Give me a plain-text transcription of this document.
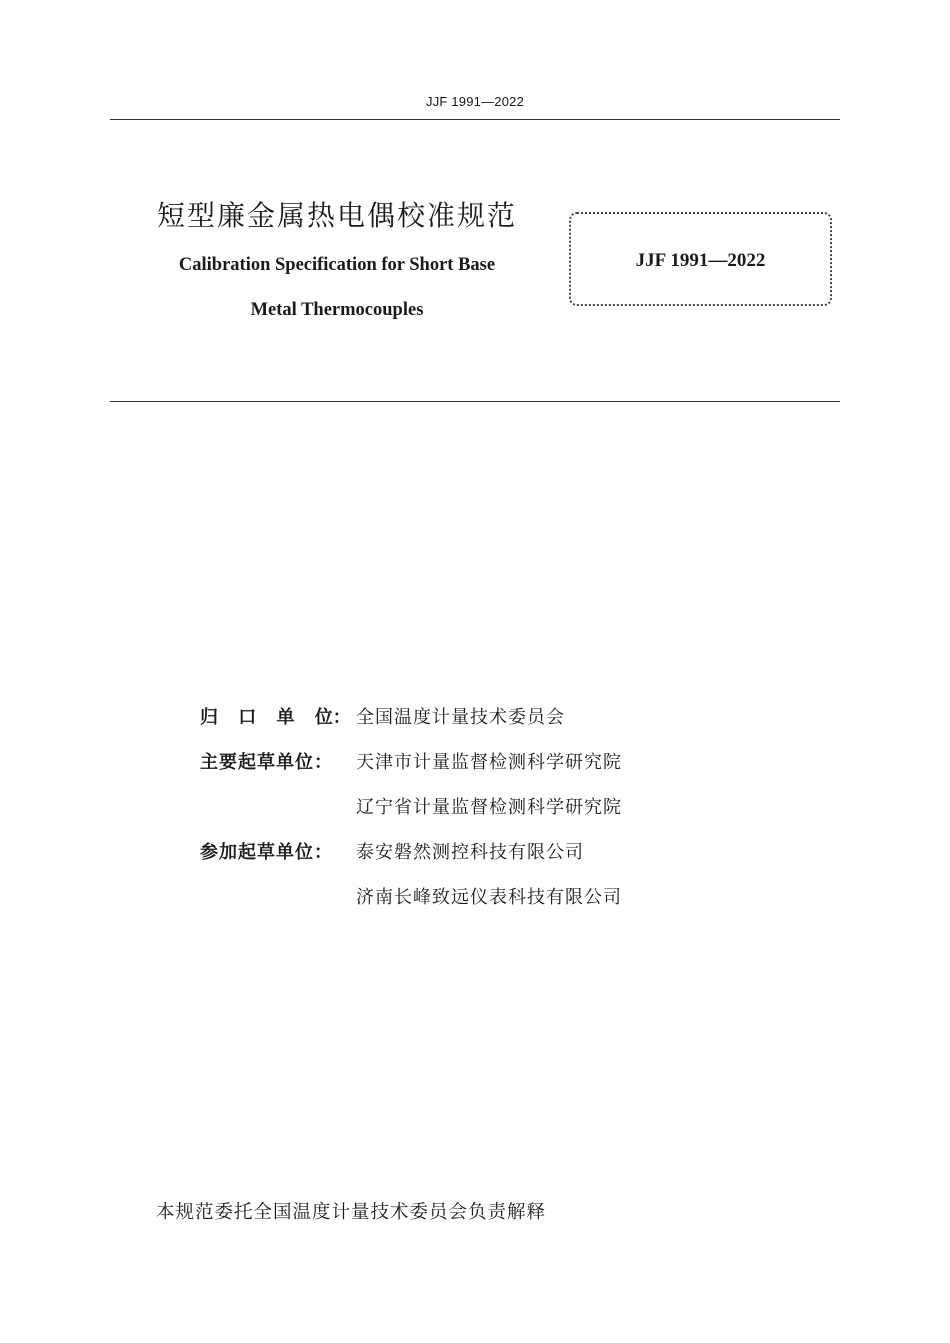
JJF 1991—2022
短型廉金属热电偶校准规范
Calibration Specification for Short Base
Metal Thermocouples
JJF 1991—2022
归 口 单 位： 全国温度计量技术委员会
主要起草单位：	天津市计量监督检测科学研究院
辽宁省计量监督检测科学研究院
参加起草单位：	泰安磐然测控科技有限公司
济南长峰致远仪表科技有限公司
本规范委托全国温度计量技术委员会负责解释
